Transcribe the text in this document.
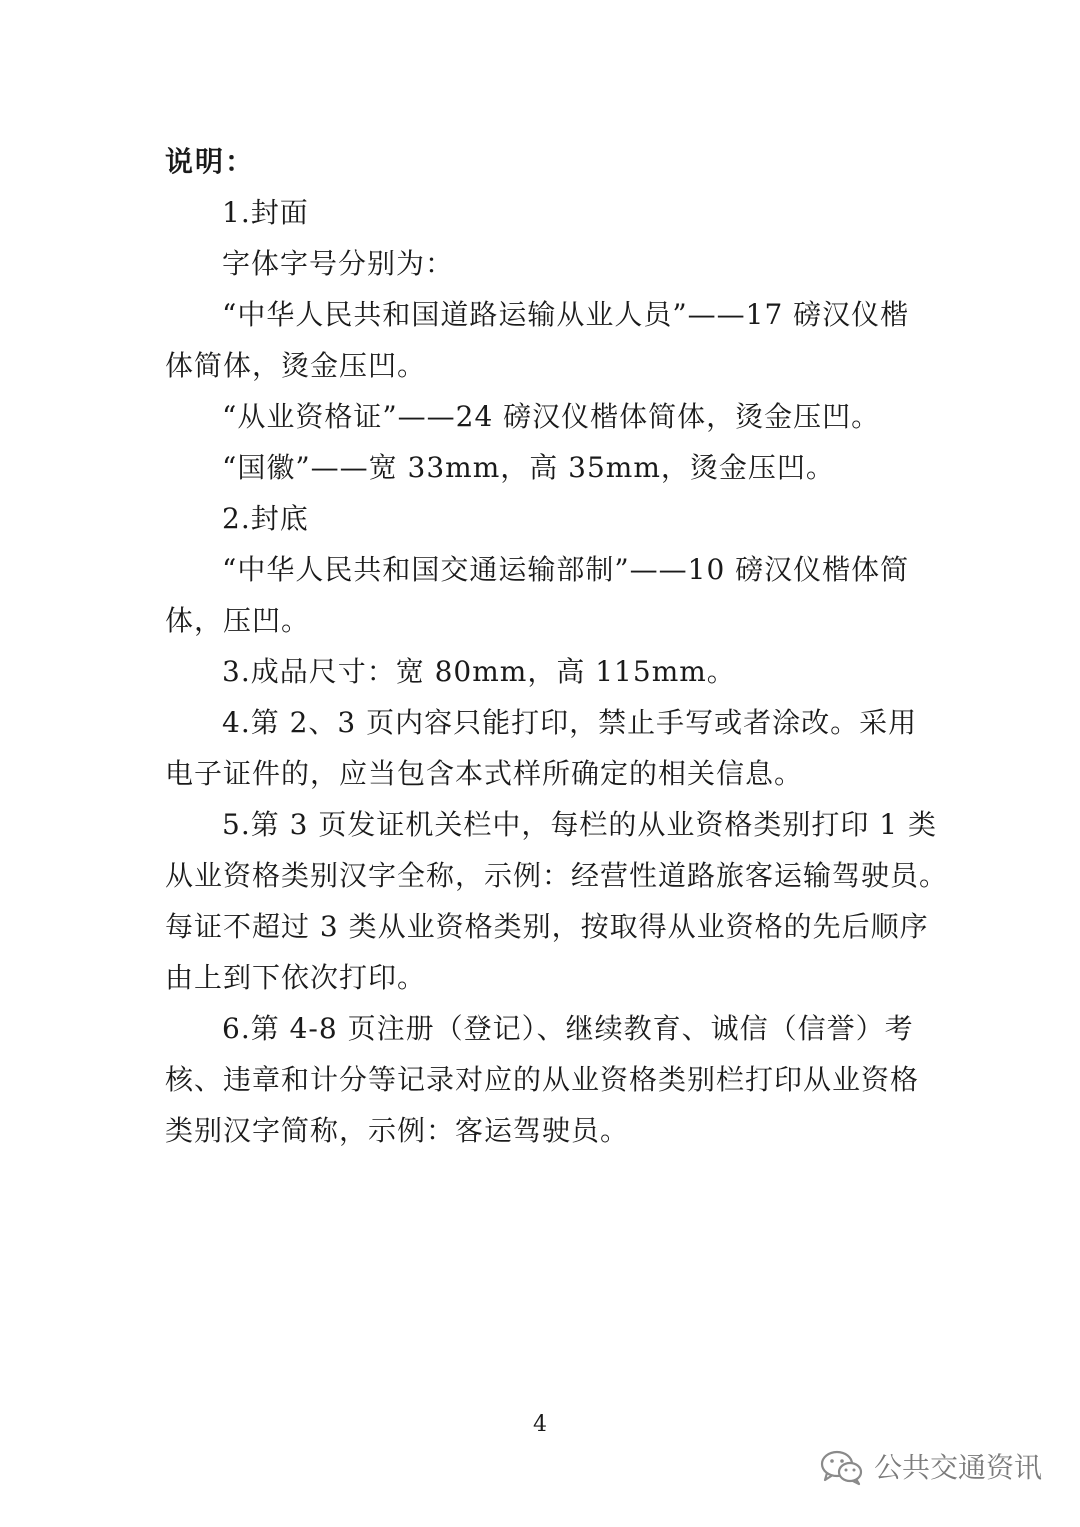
说明：
1.封面
字体字号分别为：
“中华人民共和国道路运输从业人员”——17 磅汉仪楷
体简体，烫金压凹。
“从业资格证”——24 磅汉仪楷体简体，烫金压凹。
“国徽”——宽 33mm，高 35mm，烫金压凹。
2.封底
“中华人民共和国交通运输部制”——10 磅汉仪楷体简
体，压凹。
3.成品尺寸：宽 80mm，高 115mm。
4.第 2、3 页内容只能打印，禁止手写或者涂改。采用
电子证件的，应当包含本式样所确定的相关信息。
5.第 3 页发证机关栏中，每栏的从业资格类别打印 1 类
从业资格类别汉字全称，示例：经营性道路旅客运输驾驶员。
每证不超过 3 类从业资格类别，按取得从业资格的先后顺序
由上到下依次打印。
6.第 4-8 页注册（登记）、继续教育、诚信（信誉）考
核、违章和计分等记录对应的从业资格类别栏打印从业资格
类别汉字简称，示例：客运驾驶员。
4
公共交通资讯
